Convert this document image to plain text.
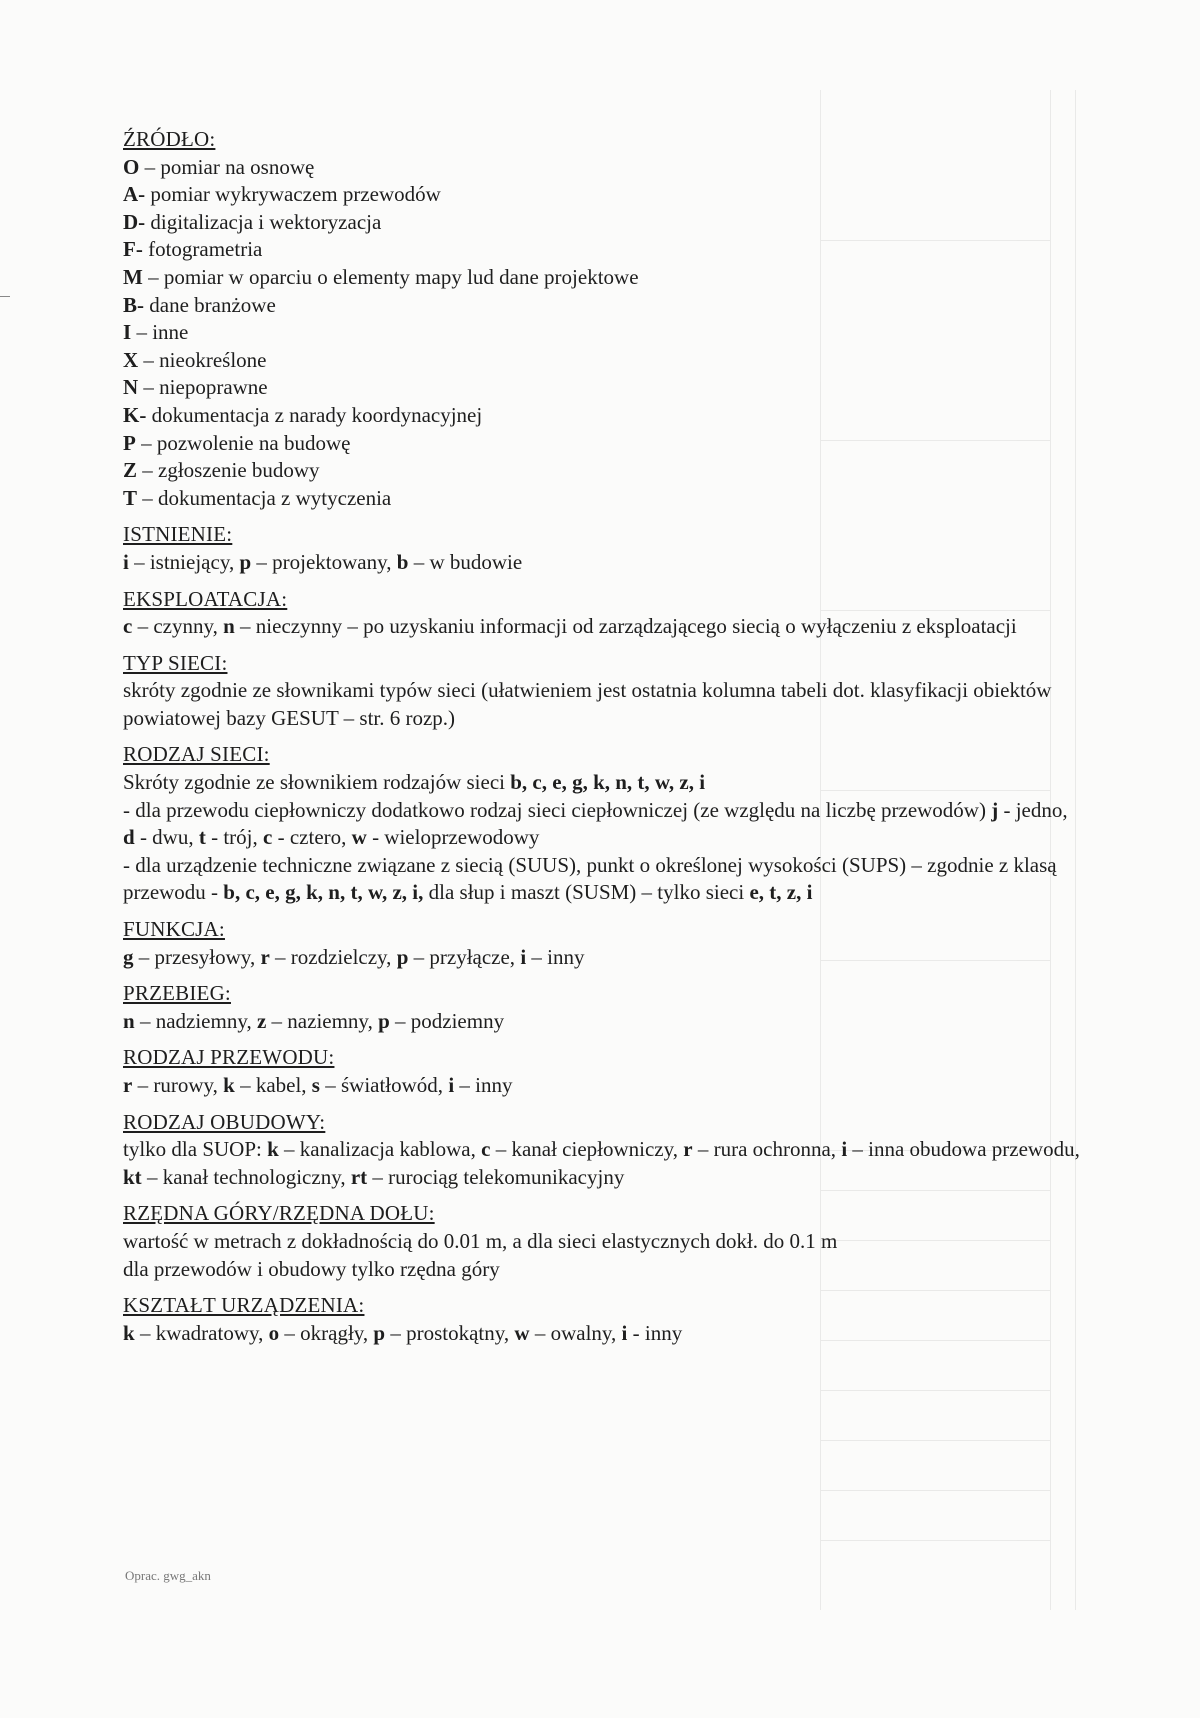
ŹRÓDŁO:
O – pomiar na osnowę
A- pomiar wykrywaczem przewodów
D- digitalizacja i wektoryzacja
F- fotogrametria
M – pomiar w oparciu o elementy mapy lud dane projektowe
B- dane branżowe
I – inne
X – nieokreślone
N – niepoprawne
K- dokumentacja z narady koordynacyjnej
P – pozwolenie na budowę
Z – zgłoszenie budowy
T – dokumentacja z wytyczenia
ISTNIENIE:
i – istniejący, p – projektowany, b – w budowie
EKSPLOATACJA:
c – czynny, n – nieczynny – po uzyskaniu informacji od zarządzającego siecią o wyłączeniu z eksploatacji
TYP SIECI:
skróty zgodnie ze słownikami typów sieci (ułatwieniem jest ostatnia kolumna tabeli dot. klasyfikacji obiektów powiatowej bazy GESUT – str. 6 rozp.)
RODZAJ SIECI:
Skróty zgodnie ze słownikiem rodzajów sieci b, c, e, g, k, n, t, w, z, i
- dla przewodu ciepłowniczy dodatkowo rodzaj sieci ciepłowniczej (ze względu na liczbę przewodów) j - jedno, d - dwu, t - trój, c - cztero, w - wieloprzewodowy
- dla urządzenie techniczne związane z siecią (SUUS), punkt o określonej wysokości (SUPS) – zgodnie z klasą przewodu - b, c, e, g, k, n, t, w, z, i, dla słup i maszt (SUSM) – tylko sieci e, t, z, i
FUNKCJA:
g – przesyłowy, r – rozdzielczy, p – przyłącze, i – inny
PRZEBIEG:
n – nadziemny, z – naziemny, p – podziemny
RODZAJ PRZEWODU:
r – rurowy, k – kabel, s – światłowód, i – inny
RODZAJ OBUDOWY:
tylko dla SUOP: k – kanalizacja kablowa, c – kanał ciepłowniczy, r – rura ochronna, i – inna obudowa przewodu, kt – kanał technologiczny, rt – rurociąg telekomunikacyjny
RZĘDNA GÓRY/RZĘDNA DOŁU:
wartość w metrach z dokładnością do 0.01 m, a dla sieci elastycznych dokł. do 0.1 m
dla przewodów i obudowy tylko rzędna góry
KSZTAŁT URZĄDZENIA:
k – kwadratowy, o – okrągły, p – prostokątny, w – owalny, i - inny
Oprac. gwg_akn
